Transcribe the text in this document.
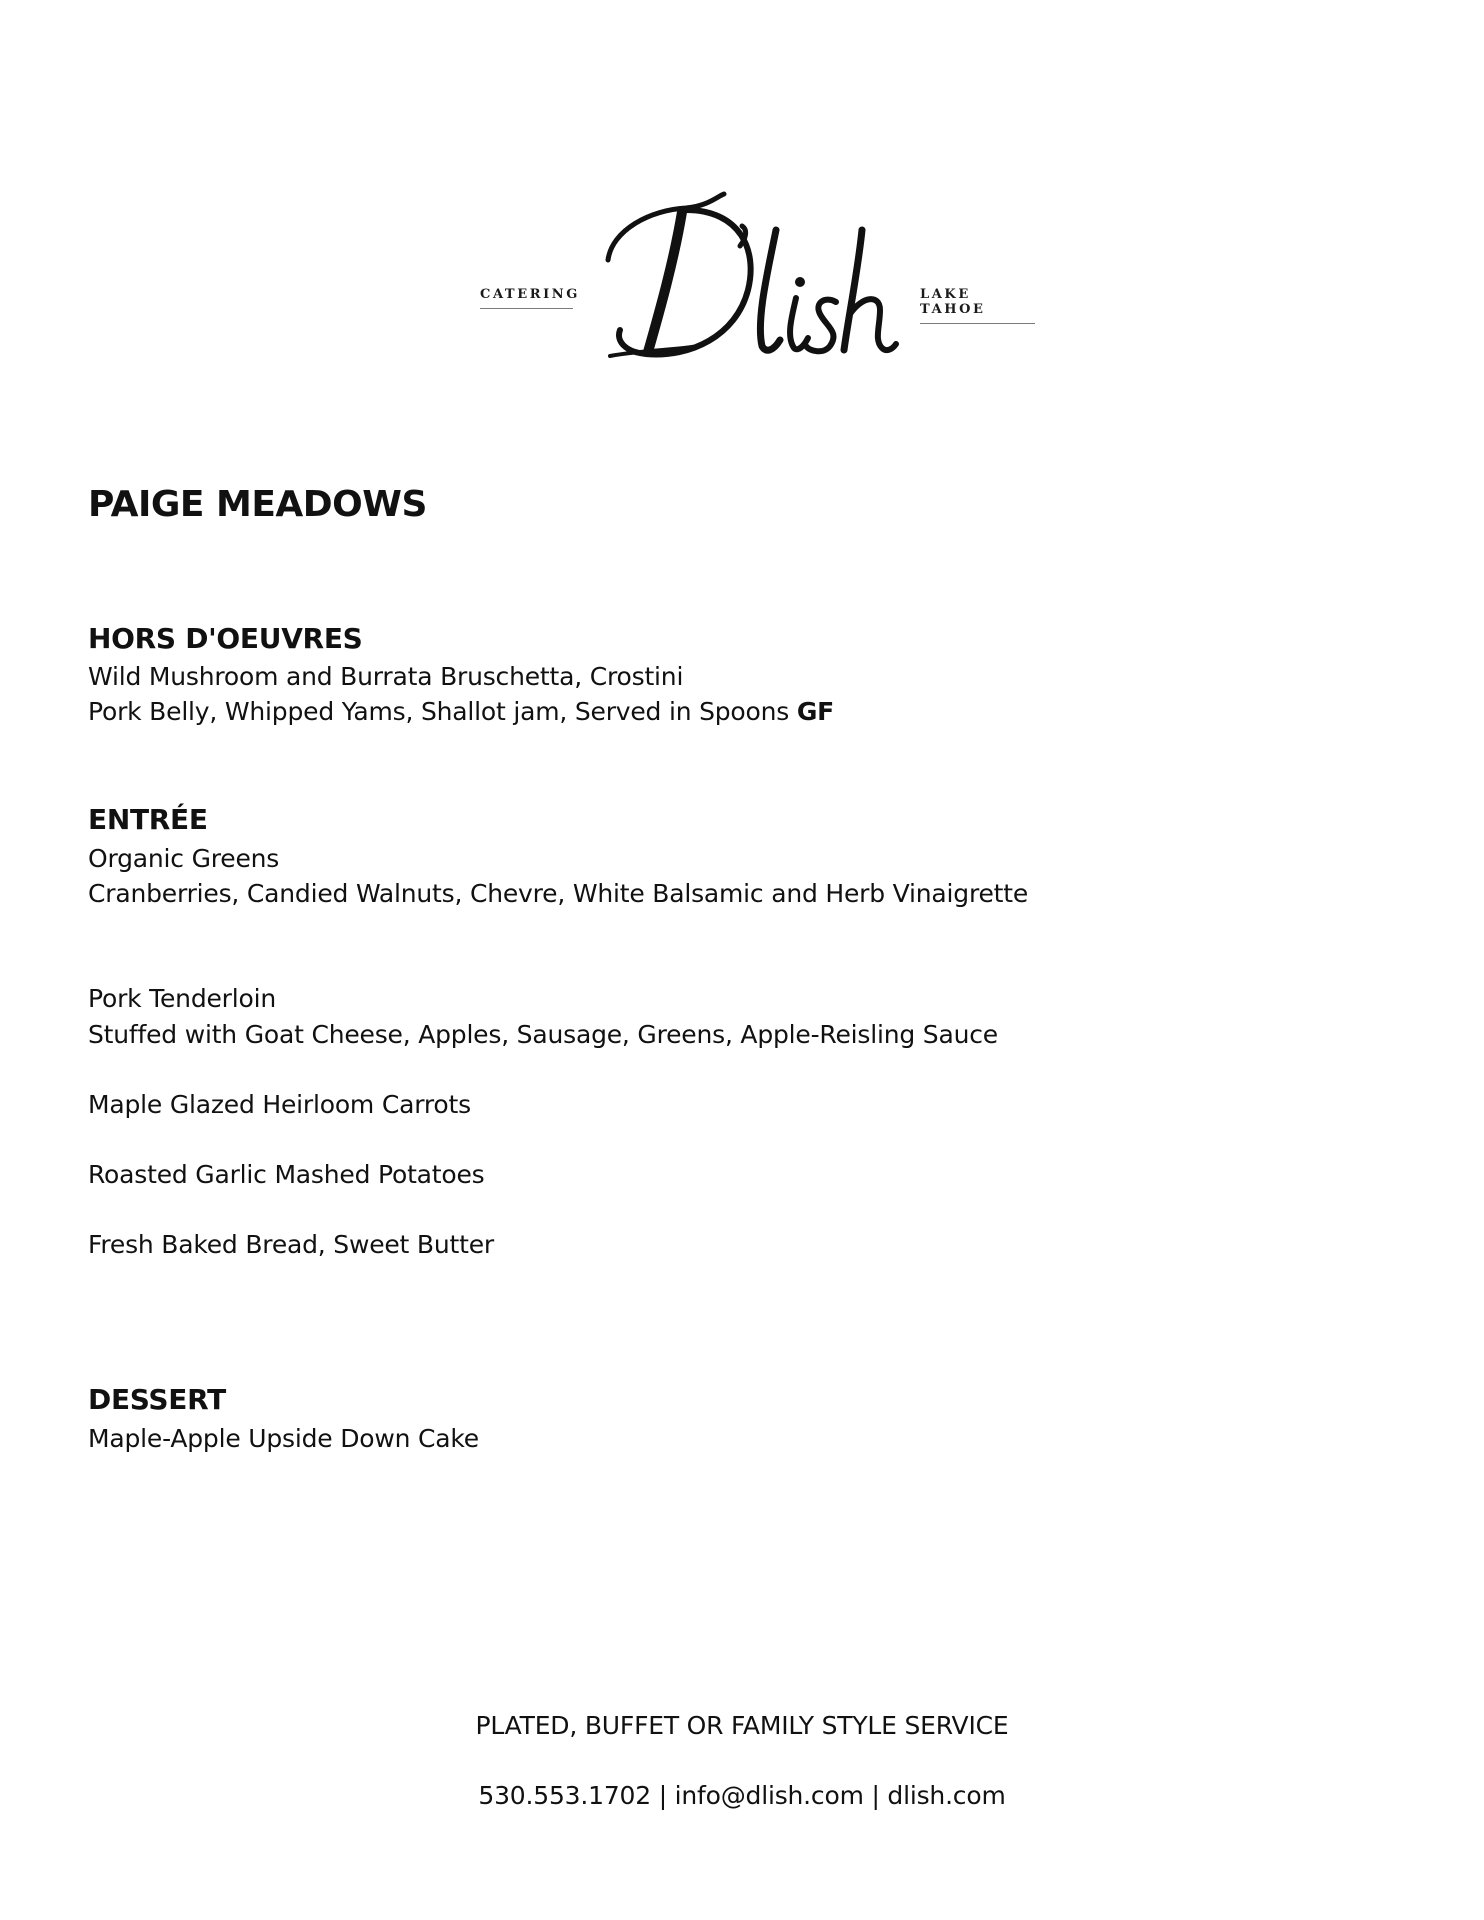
CATERING	LAKE TAHOE
PAIGE MEADOWS
HORS D'OEUVRES
Wild Mushroom and Burrata Bruschetta, Crostini
Pork Belly, Whipped Yams, Shallot jam, Served in Spoons GF
ENTRÉE
Organic Greens
Cranberries, Candied Walnuts, Chevre, White Balsamic and Herb Vinaigrette
Pork Tenderloin
Stuffed with Goat Cheese, Apples, Sausage, Greens, Apple-Reisling Sauce
Maple Glazed Heirloom Carrots
Roasted Garlic Mashed Potatoes
Fresh Baked Bread, Sweet Butter
DESSERT
Maple-Apple Upside Down Cake
PLATED, BUFFET OR FAMILY STYLE SERVICE
530.553.1702 | info@dlish.com | dlish.com
